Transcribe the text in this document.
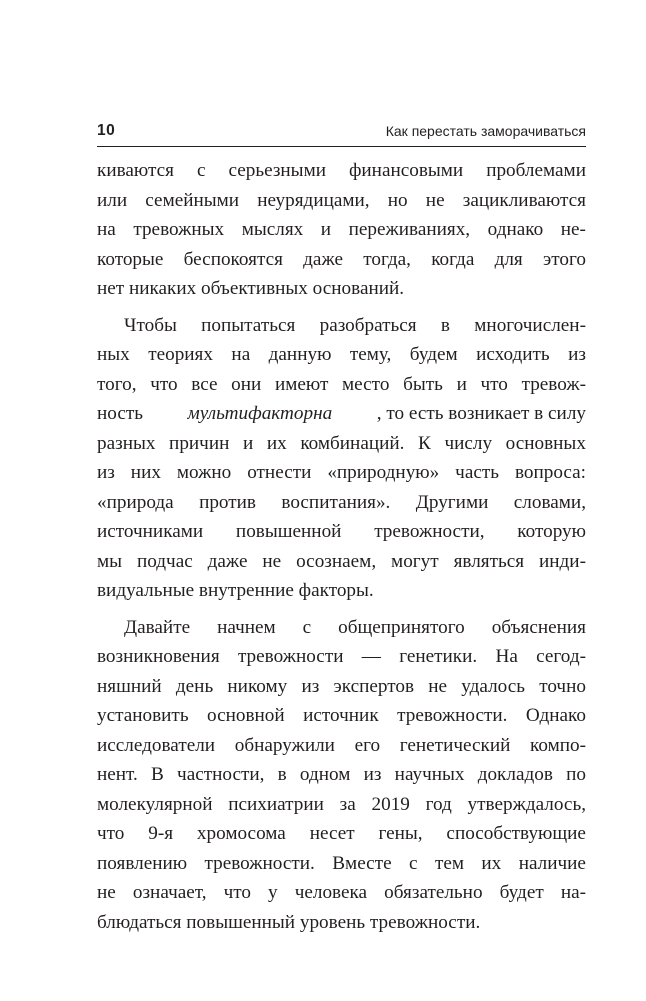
10	Как перестать заморачиваться
киваются с серьезными финансовыми проблемами
или семейными неурядицами, но не зацикливаются
на тревожных мыслях и переживаниях, однако не-
которые беспокоятся даже тогда, когда для этого
нет никаких объективных оснований.
Чтобы попытаться разобраться в многочислен-
ных теориях на данную тему, будем исходить из
того, что все они имеют место быть и что тревож-
ность мультифакторна , то есть возникает в силу
разных причин и их комбинаций. К числу основных
из них можно отнести «природную» часть вопроса:
«природа против воспитания». Другими словами,
источниками повышенной тревожности, которую
мы подчас даже не осознаем, могут являться инди-
видуальные внутренние факторы.
Давайте начнем с общепринятого объяснения
возникновения тревожности — генетики. На сегод-
няшний день никому из экспертов не удалось точно
установить основной источник тревожности. Однако
исследователи обнаружили его генетический компо-
нент. В частности, в одном из научных докладов по
молекулярной психиатрии за 2019 год утверждалось,
что 9-я хромосома несет гены, способствующие
появлению тревожности. Вместе с тем их наличие
не означает, что у человека обязательно будет на-
блюдаться повышенный уровень тревожности.
